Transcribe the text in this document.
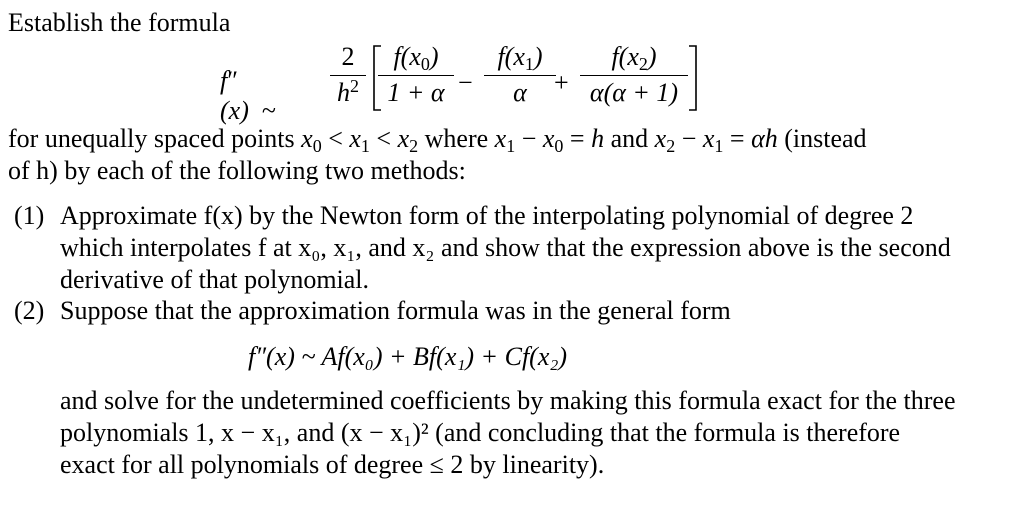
Establish the formula
f″(x) ~
2
$h^2$
$f(x_0)$
1 + α −
$f(x_1)$
α	+
$f(x_2)$
α(α + 1)
for unequally spaced points $x_0 < x_1 < x_2$ where $x_1 - x_0 = h$ and $x_2 - x_1 = \alpha h$ (instead
of h) by each of the following two methods:
(1) Approximate f(x) by the Newton form of the interpolating polynomial of degree 2
which interpolates f at x₀, x₁, and x₂ and show that the expression above is the second
derivative of that polynomial.
(2) Suppose that the approximation formula was in the general form
f″(x) ~ Af(x₀) + Bf(x₁) + Cf(x₂)
and solve for the undetermined coefficients by making this formula exact for the three
polynomials 1, x − x₁, and (x − x₁)² (and concluding that the formula is therefore
exact for all polynomials of degree ≤ 2 by linearity).
